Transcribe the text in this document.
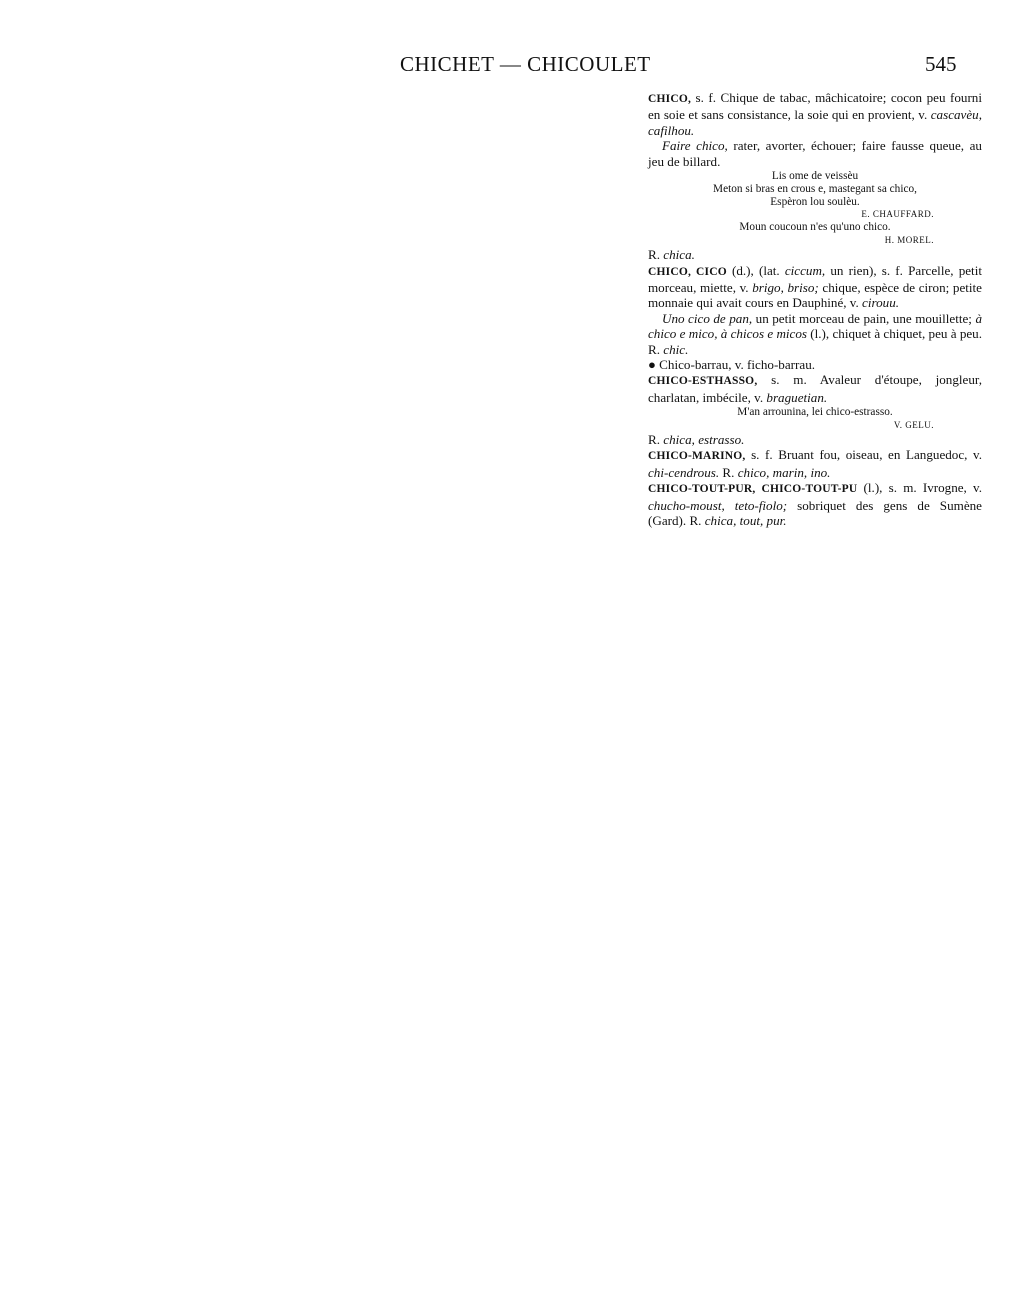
CHICHET — CHICOULET	545

CHICO, s. f. Chique de tabac, mâchicatoire; cocon peu fourni en soie et sans consistance, la soie qui en provient, v. cascavèu, cafilhou.

Faire chico, rater, avorter, échouer; faire fausse queue, au jeu de billard.

Lis ome de veissèu
Meton si bras en crous e, mastegant sa chico,
Espèron lou soulèu.
E. CHAUFFARD.
Moun coucoun n'es qu'uno chico.
H. MOREL.

R. chica.

CHICO, CICO (d.), (lat. ciccum, un rien), s. f. Parcelle, petit morceau, miette, v. brigo, briso; chique, espèce de ciron; petite monnaie qui avait cours en Dauphiné, v. cirouu.

Uno cico de pan, un petit morceau de pain, une mouillette; à chico e mico, à chicos e micos (l.), chiquet à chiquet, peu à peu. R. chic.

● Chico-barrau, v. ficho-barrau.

CHICO-ESTHASSO, s. m. Avaleur d'étoupe, jongleur, charlatan, imbécile, v. braguetian.

M'an arrounina, lei chico-estrasso.
V. GELU.

R. chica, estrasso.

CHICO-MARINO, s. f. Bruant fou, oiseau, en Languedoc, v. chi-cendrous. R. chico, marin, ino.

CHICO-TOUT-PUR, CHICO-TOUT-PU (l.), s. m. Ivrogne, v. chucho-moust, teto-fiolo; sobriquet des gens de Sumène (Gard). R. chica, tout, pur.
